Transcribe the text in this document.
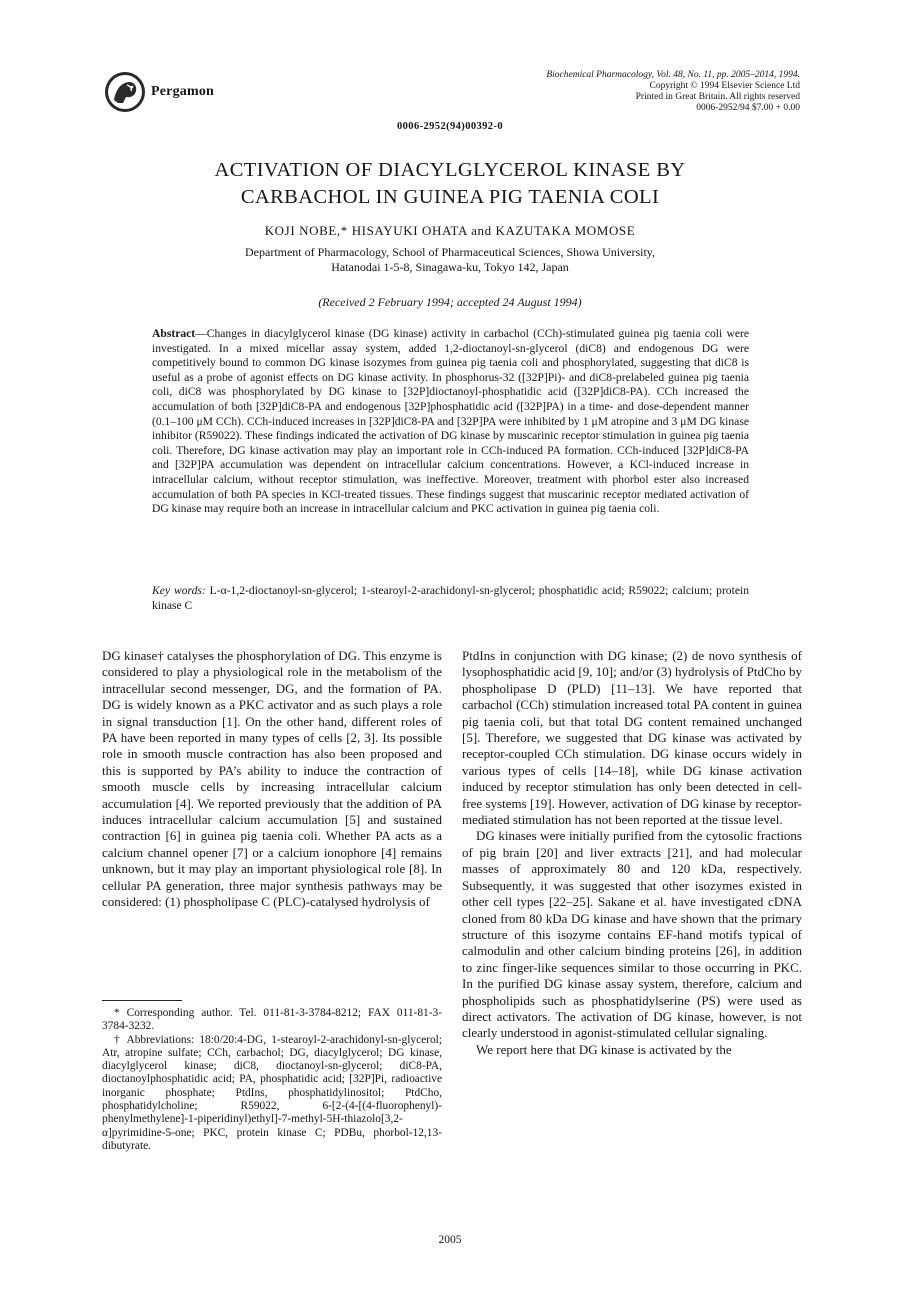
Pergamon
Biochemical Pharmacology, Vol. 48, No. 11, pp. 2005–2014, 1994.
Copyright © 1994 Elsevier Science Ltd
Printed in Great Britain. All rights reserved
0006-2952/94 $7.00 + 0.00
0006-2952(94)00392-0
ACTIVATION OF DIACYLGLYCEROL KINASE BY
CARBACHOL IN GUINEA PIG TAENIA COLI
KOJI NOBE,* HISAYUKI OHATA and KAZUTAKA MOMOSE
Department of Pharmacology, School of Pharmaceutical Sciences, Showa University,
Hatanodai 1-5-8, Sinagawa-ku, Tokyo 142, Japan
(Received 2 February 1994; accepted 24 August 1994)
Abstract—Changes in diacylglycerol kinase (DG kinase) activity in carbachol (CCh)-stimulated guinea pig taenia coli were investigated. In a mixed micellar assay system, added 1,2-dioctanoyl-sn-glycerol (diC8) and endogenous DG were competitively bound to common DG kinase isozymes from guinea pig taenia coli and phosphorylated, suggesting that diC8 is useful as a probe of agonist effects on DG kinase activity. In phosphorus-32 ([32P]Pi)- and diC8-prelabeled guinea pig taenia coli, diC8 was phosphorylated by DG kinase to [32P]dioctanoyl-phosphatidic acid ([32P]diC8-PA). CCh increased the accumulation of both [32P]diC8-PA and endogenous [32P]phosphatidic acid ([32P]PA) in a time- and dose-dependent manner (0.1–100 μM CCh). CCh-induced increases in [32P]diC8-PA and [32P]PA were inhibited by 1 μM atropine and 3 μM DG kinase inhibitor (R59022). These findings indicated the activation of DG kinase by muscarinic receptor stimulation in guinea pig taenia coli. Therefore, DG kinase activation may play an important role in CCh-induced PA formation. CCh-induced [32P]diC8-PA and [32P]PA accumulation was dependent on intracellular calcium concentrations. However, a KCl-induced increase in intracellular calcium, without receptor stimulation, was ineffective. Moreover, treatment with phorbol ester also increased accumulation of both PA species in KCl-treated tissues. These findings suggest that muscarinic receptor mediated activation of DG kinase may require both an increase in intracellular calcium and PKC activation in guinea pig taenia coli.
Key words: L-α-1,2-dioctanoyl-sn-glycerol; 1-stearoyl-2-arachidonyl-sn-glycerol; phosphatidic acid; R59022; calcium; protein kinase C

DG kinase† catalyses the phosphorylation of DG. This enzyme is considered to play a physiological role in the metabolism of the intracellular second messenger, DG, and the formation of PA. DG is widely known as a PKC activator and as such plays a role in signal transduction [1]. On the other hand, different roles of PA have been reported in many types of cells [2, 3]. Its possible role in smooth muscle contraction has also been proposed and this is supported by PA’s ability to induce the contraction of smooth muscle cells by increasing intracellular calcium accumulation [4]. We reported previously that the addition of PA induces intracellular calcium accumulation [5] and sustained contraction [6] in guinea pig taenia coli. Whether PA acts as a calcium channel opener [7] or a calcium ionophore [4] remains unknown, but it may play an important physiological role [8]. In cellular PA generation, three major synthesis pathways may be considered: (1) phospholipase C (PLC)-catalysed hydrolysis of

PtdIns in conjunction with DG kinase; (2) de novo synthesis of lysophosphatidic acid [9, 10]; and/or (3) hydrolysis of PtdCho by phospholipase D (PLD) [11–13]. We have reported that carbachol (CCh) stimulation increased total PA content in guinea pig taenia coli, but that total DG content remained unchanged [5]. Therefore, we suggested that DG kinase was activated by receptor-coupled CCh stimulation. DG kinase occurs widely in various types of cells [14–18], while DG kinase activation induced by receptor stimulation has only been detected in cell-free systems [19]. However, activation of DG kinase by receptor-mediated stimulation has not been reported at the tissue level.

DG kinases were initially purified from the cytosolic fractions of pig brain [20] and liver extracts [21], and had molecular masses of approximately 80 and 120 kDa, respectively. Subsequently, it was suggested that other isozymes existed in other cell types [22–25]. Sakane et al. have investigated cDNA cloned from 80 kDa DG kinase and have shown that the primary structure of this isozyme contains EF-hand motifs typical of calmodulin and other calcium binding proteins [26], in addition to zinc finger-like sequences similar to those occurring in PKC. In the purified DG kinase assay system, therefore, calcium and phospholipids such as phosphatidylserine (PS) were used as direct activators. The activation of DG kinase, however, is not clearly understood in agonist-stimulated cellular signaling.

We report here that DG kinase is activated by the

* Corresponding author. Tel. 011-81-3-3784-8212; FAX 011-81-3-3784-3232.

† Abbreviations: 18:0/20:4-DG, 1-stearoyl-2-arachidonyl-sn-glycerol; Atr, atropine sulfate; CCh, carbachol; DG, diacylglycerol; DG kinase, diacylglycerol kinase; diC8, dioctanoyl-sn-glycerol; diC8-PA, dioctanoylphosphatidic acid; PA, phosphatidic acid; [32P]Pi, radioactive inorganic phosphate; PtdIns, phosphatidylinositol; PtdCho, phosphatidylcholine; R59022, 6-[2-(4-[(4-fluorophenyl)-phenylmethylene]-1-piperidinyl)ethyl]-7-methyl-5H-thiazolo[3,2-α]pyrimidine-5-one; PKC, protein kinase C; PDBu, phorbol-12,13-dibutyrate.

2005
